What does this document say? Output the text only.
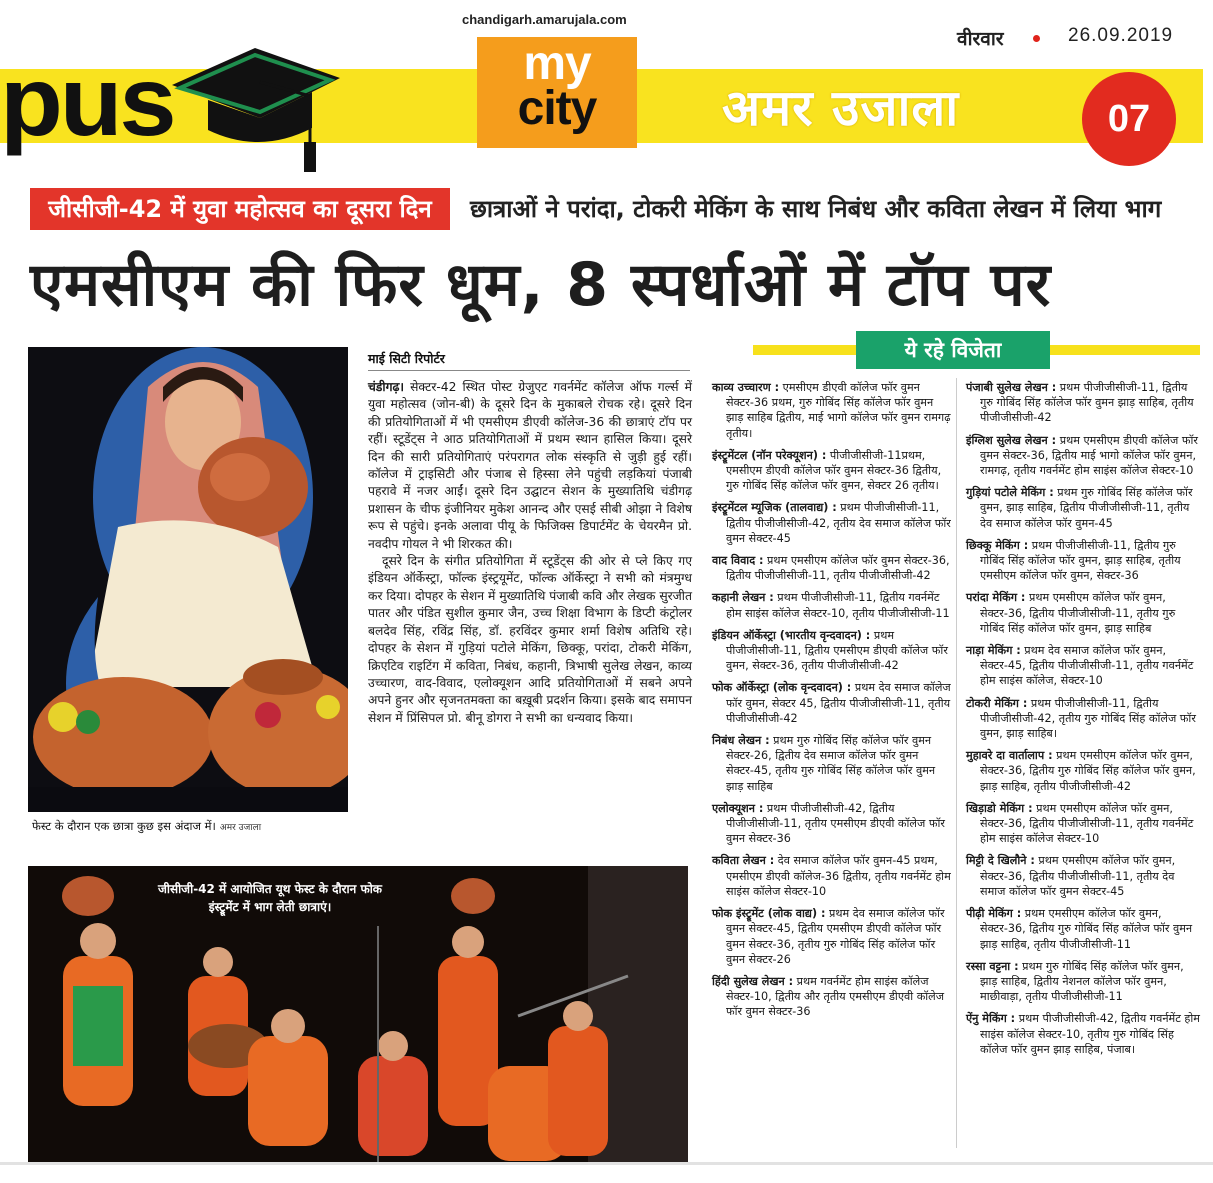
chandigarh.amarujala.com
वीरवार	26.09.2019
pus	my
city	अमर उजाला	07
जीसीजी-42 में युवा महोत्सव का दूसरा दिन	छात्राओं ने परांदा, टोकरी मेकिंग के साथ निबंध और कविता लेखन में लिया भाग
एमसीएम की फिर धूम, 8 स्पर्धाओं में टॉप पर
फेस्ट के दौरान एक छात्रा कुछ इस अंदाज में। अमर उजाला
माई सिटी रिपोर्टर

चंडीगढ़। सेक्टर-42 स्थित पोस्ट ग्रेजुएट गवर्नमेंट कॉलेज ऑफ गर्ल्स में युवा महोत्सव (जोन-बी) के दूसरे दिन के मुकाबले रोचक रहे। दूसरे दिन की प्रतियोगिताओं में भी एमसीएम डीएवी कॉलेज-36 की छात्राएं टॉप पर रहीं। स्टूडेंट्स ने आठ प्रतियोगिताओं में प्रथम स्थान हासिल किया। दूसरे दिन की सारी प्रतियोगिताएं परंपरागत लोक संस्कृति से जुड़ी हुई रहीं। कॉलेज में ट्राइसिटी और पंजाब से हिस्सा लेने पहुंची लड़कियां पंजाबी पहरावे में नजर आईं। दूसरे दिन उद्घाटन सेशन के मुख्यातिथि चंडीगढ़ प्रशासन के चीफ इंजीनियर मुकेश आनन्द और एसई सीबी ओझा ने विशेष रूप से पहुंचे। इनके अलावा पीयू के फिजिक्स डिपार्टमेंट के चेयरमैन प्रो. नवदीप गोयल ने भी शिरकत की।

दूसरे दिन के संगीत प्रतियोगिता में स्टूडेंट्स की ओर से प्ले किए गए इंडियन ऑर्केस्ट्रा, फॉल्क इंस्ट्रयूमेंट, फॉल्क ऑर्केस्ट्रा ने सभी को मंत्रमुग्ध कर दिया। दोपहर के सेशन में मुख्यातिथि पंजाबी कवि और लेखक सुरजीत पातर और पंडित सुशील कुमार जैन, उच्च शिक्षा विभाग के डिप्टी कंट्रोलर बलदेव सिंह, रविंद्र सिंह, डॉ. हरविंदर कुमार शर्मा विशेष अतिथि रहे। दोपहर के सेशन में गुड़ियां पटोले मेकिंग, छिक्कू, परांदा, टोकरी मेकिंग, क्रिएटिव राइटिंग में कविता, निबंध, कहानी, त्रिभाषी सुलेख लेखन, काव्य उच्चारण, वाद-विवाद, एलोक्यूशन आदि प्रतियोगिताओं में सबने अपने अपने हुनर और सृजनतमक्ता का बख़ूबी प्रदर्शन किया। इसके बाद समापन सेशन में प्रिंसिपल प्रो. बीनू डोगरा ने सभी का धन्यवाद किया।

जीसीजी-42 में आयोजित यूथ फेस्ट के दौरान फोक इंस्ट्रूमेंट में भाग लेती छात्राएं।
ये रहे विजेता
काव्य उच्चारण : एमसीएम डीएवी कॉलेज फॉर वुमन सेक्टर-36 प्रथम, गुरु गोबिंद सिंह कॉलेज फॉर वुमन झाड़ साहिब द्वितीय, माई भागो कॉलेज फॉर वुमन रामगढ़ तृतीय।
इंस्ट्रूमेंटल (नॉन परेक्यूशन) : पीजीजीसीजी-11प्रथम, एमसीएम डीएवी कॉलेज फॉर वुमन सेक्टर-36 द्वितीय, गुरु गोबिंद सिंह कॉलेज फॉर वुमन, सेक्टर 26 तृतीय।
इंस्ट्रूमेंटल म्यूजिक (तालवाद्य) : प्रथम पीजीजीसीजी-11, द्वितीय पीजीजीसीजी-42, तृतीय देव समाज कॉलेज फॉर वुमन सेक्टर-45
वाद विवाद : प्रथम एमसीएम कॉलेज फॉर वुमन सेक्टर-36, द्वितीय पीजीजीसीजी-11, तृतीय पीजीजीसीजी-42
कहानी लेखन : प्रथम पीजीजीसीजी-11, द्वितीय गवर्नमेंट होम साइंस कॉलेज सेक्टर-10, तृतीय पीजीजीसीजी-11
इंडियन ऑर्केस्ट्रा (भारतीय वृन्दवादन) : प्रथम पीजीजीसीजी-11, द्वितीय एमसीएम डीएवी कॉलेज फॉर वुमन, सेक्टर-36, तृतीय पीजीजीसीजी-42
फोक ऑर्केस्ट्रा (लोक वृन्दवादन) : प्रथम देव समाज कॉलेज फॉर वुमन, सेक्टर 45, द्वितीय पीजीजीसीजी-11, तृतीय पीजीजीसीजी-42
निबंध लेखन : प्रथम गुरु गोबिंद सिंह कॉलेज फॉर वुमन सेक्टर-26, द्वितीय देव समाज कॉलेज फॉर वुमन सेक्टर-45, तृतीय गुरु गोबिंद सिंह कॉलेज फॉर वुमन झाड़ साहिब
एलोक्यूशन : प्रथम पीजीजीसीजी-42, द्वितीय पीजीजीसीजी-11, तृतीय एमसीएम डीएवी कॉलेज फॉर वुमन सेक्टर-36
कविता लेखन : देव समाज कॉलेज फॉर वुमन-45 प्रथम, एमसीएम डीएवी कॉलेज-36 द्वितीय, तृतीय गवर्नमेंट होम साइंस कॉलेज सेक्टर-10
फोक इंस्ट्रूमेंट (लोक वाद्य) : प्रथम देव समाज कॉलेज फॉर वुमन सेक्टर-45, द्वितीय एमसीएम डीएवी कॉलेज फॉर वुमन सेक्टर-36, तृतीय गुरु गोबिंद सिंह कॉलेज फॉर वुमन सेक्टर-26
हिंदी सुलेख लेखन : प्रथम गवर्नमेंट होम साइंस कॉलेज सेक्टर-10, द्वितीय और तृतीय एमसीएम डीएवी कॉलेज फॉर वुमन सेक्टर-36
पंजाबी सुलेख लेखन : प्रथम पीजीजीसीजी-11, द्वितीय गुरु गोबिंद सिंह कॉलेज फॉर वुमन झाड़ साहिब, तृतीय पीजीजीसीजी-42
इंग्लिश सुलेख लेखन : प्रथम एमसीएम डीएवी कॉलेज फॉर वुमन सेक्टर-36, द्वितीय माई भागो कॉलेज फॉर वुमन, रामगढ़, तृतीय गवर्नमेंट होम साइंस कॉलेज सेक्टर-10
गुड़ियां पटोले मेकिंग : प्रथम गुरु गोबिंद सिंह कॉलेज फॉर वुमन, झाड़ साहिब, द्वितीय पीजीजीसीजी-11, तृतीय देव समाज कॉलेज फॉर वुमन-45
छिक्कू मेकिंग : प्रथम पीजीजीसीजी-11, द्वितीय गुरु गोबिंद सिंह कॉलेज फॉर वुमन, झाड़ साहिब, तृतीय एमसीएम कॉलेज फॉर वुमन, सेक्टर-36
परांदा मेकिंग : प्रथम एमसीएम कॉलेज फॉर वुमन, सेक्टर-36, द्वितीय पीजीजीसीजी-11, तृतीय गुरु गोबिंद सिंह कॉलेज फॉर वुमन, झाड़ साहिब
नाड़ा मेकिंग : प्रथम देव समाज कॉलेज फॉर वुमन, सेक्टर-45, द्वितीय पीजीजीसीजी-11, तृतीय गवर्नमेंट होम साइंस कॉलेज, सेक्टर-10
टोकरी मेकिंग : प्रथम पीजीजीसीजी-11, द्वितीय पीजीजीसीजी-42, तृतीय गुरु गोबिंद सिंह कॉलेज फॉर वुमन, झाड़ साहिब।
मुहावरे दा वार्तालाप : प्रथम एमसीएम कॉलेज फॉर वुमन, सेक्टर-36, द्वितीय गुरु गोबिंद सिंह कॉलेज फॉर वुमन, झाड़ साहिब, तृतीय पीजीजीसीजी-42
खिड़ाडो मेकिंग : प्रथम एमसीएम कॉलेज फॉर वुमन, सेक्टर-36, द्वितीय पीजीजीसीजी-11, तृतीय गवर्नमेंट होम साइंस कॉलेज सेक्टर-10
मिट्टी दे खिलौने : प्रथम एमसीएम कॉलेज फॉर वुमन, सेक्टर-36, द्वितीय पीजीजीसीजी-11, तृतीय देव समाज कॉलेज फॉर वुमन सेक्टर-45
पीढ़ी मेकिंग : प्रथम एमसीएम कॉलेज फॉर वुमन, सेक्टर-36, द्वितीय गुरु गोबिंद सिंह कॉलेज फॉर वुमन झाड़ साहिब, तृतीय पीजीजीसीजी-11
रस्सा वट्टना : प्रथम गुरु गोबिंद सिंह कॉलेज फॉर वुमन, झाड़ साहिब, द्वितीय नेशनल कॉलेज फॉर वुमन, माछीवाड़ा, तृतीय पीजीजीसीजी-11
ऐंनु मेकिंग : प्रथम पीजीजीसीजी-42, द्वितीय गवर्नमेंट होम साइंस कॉलेज सेक्टर-10, तृतीय गुरु गोबिंद सिंह कॉलेज फॉर वुमन झाड़ साहिब, पंजाब।
